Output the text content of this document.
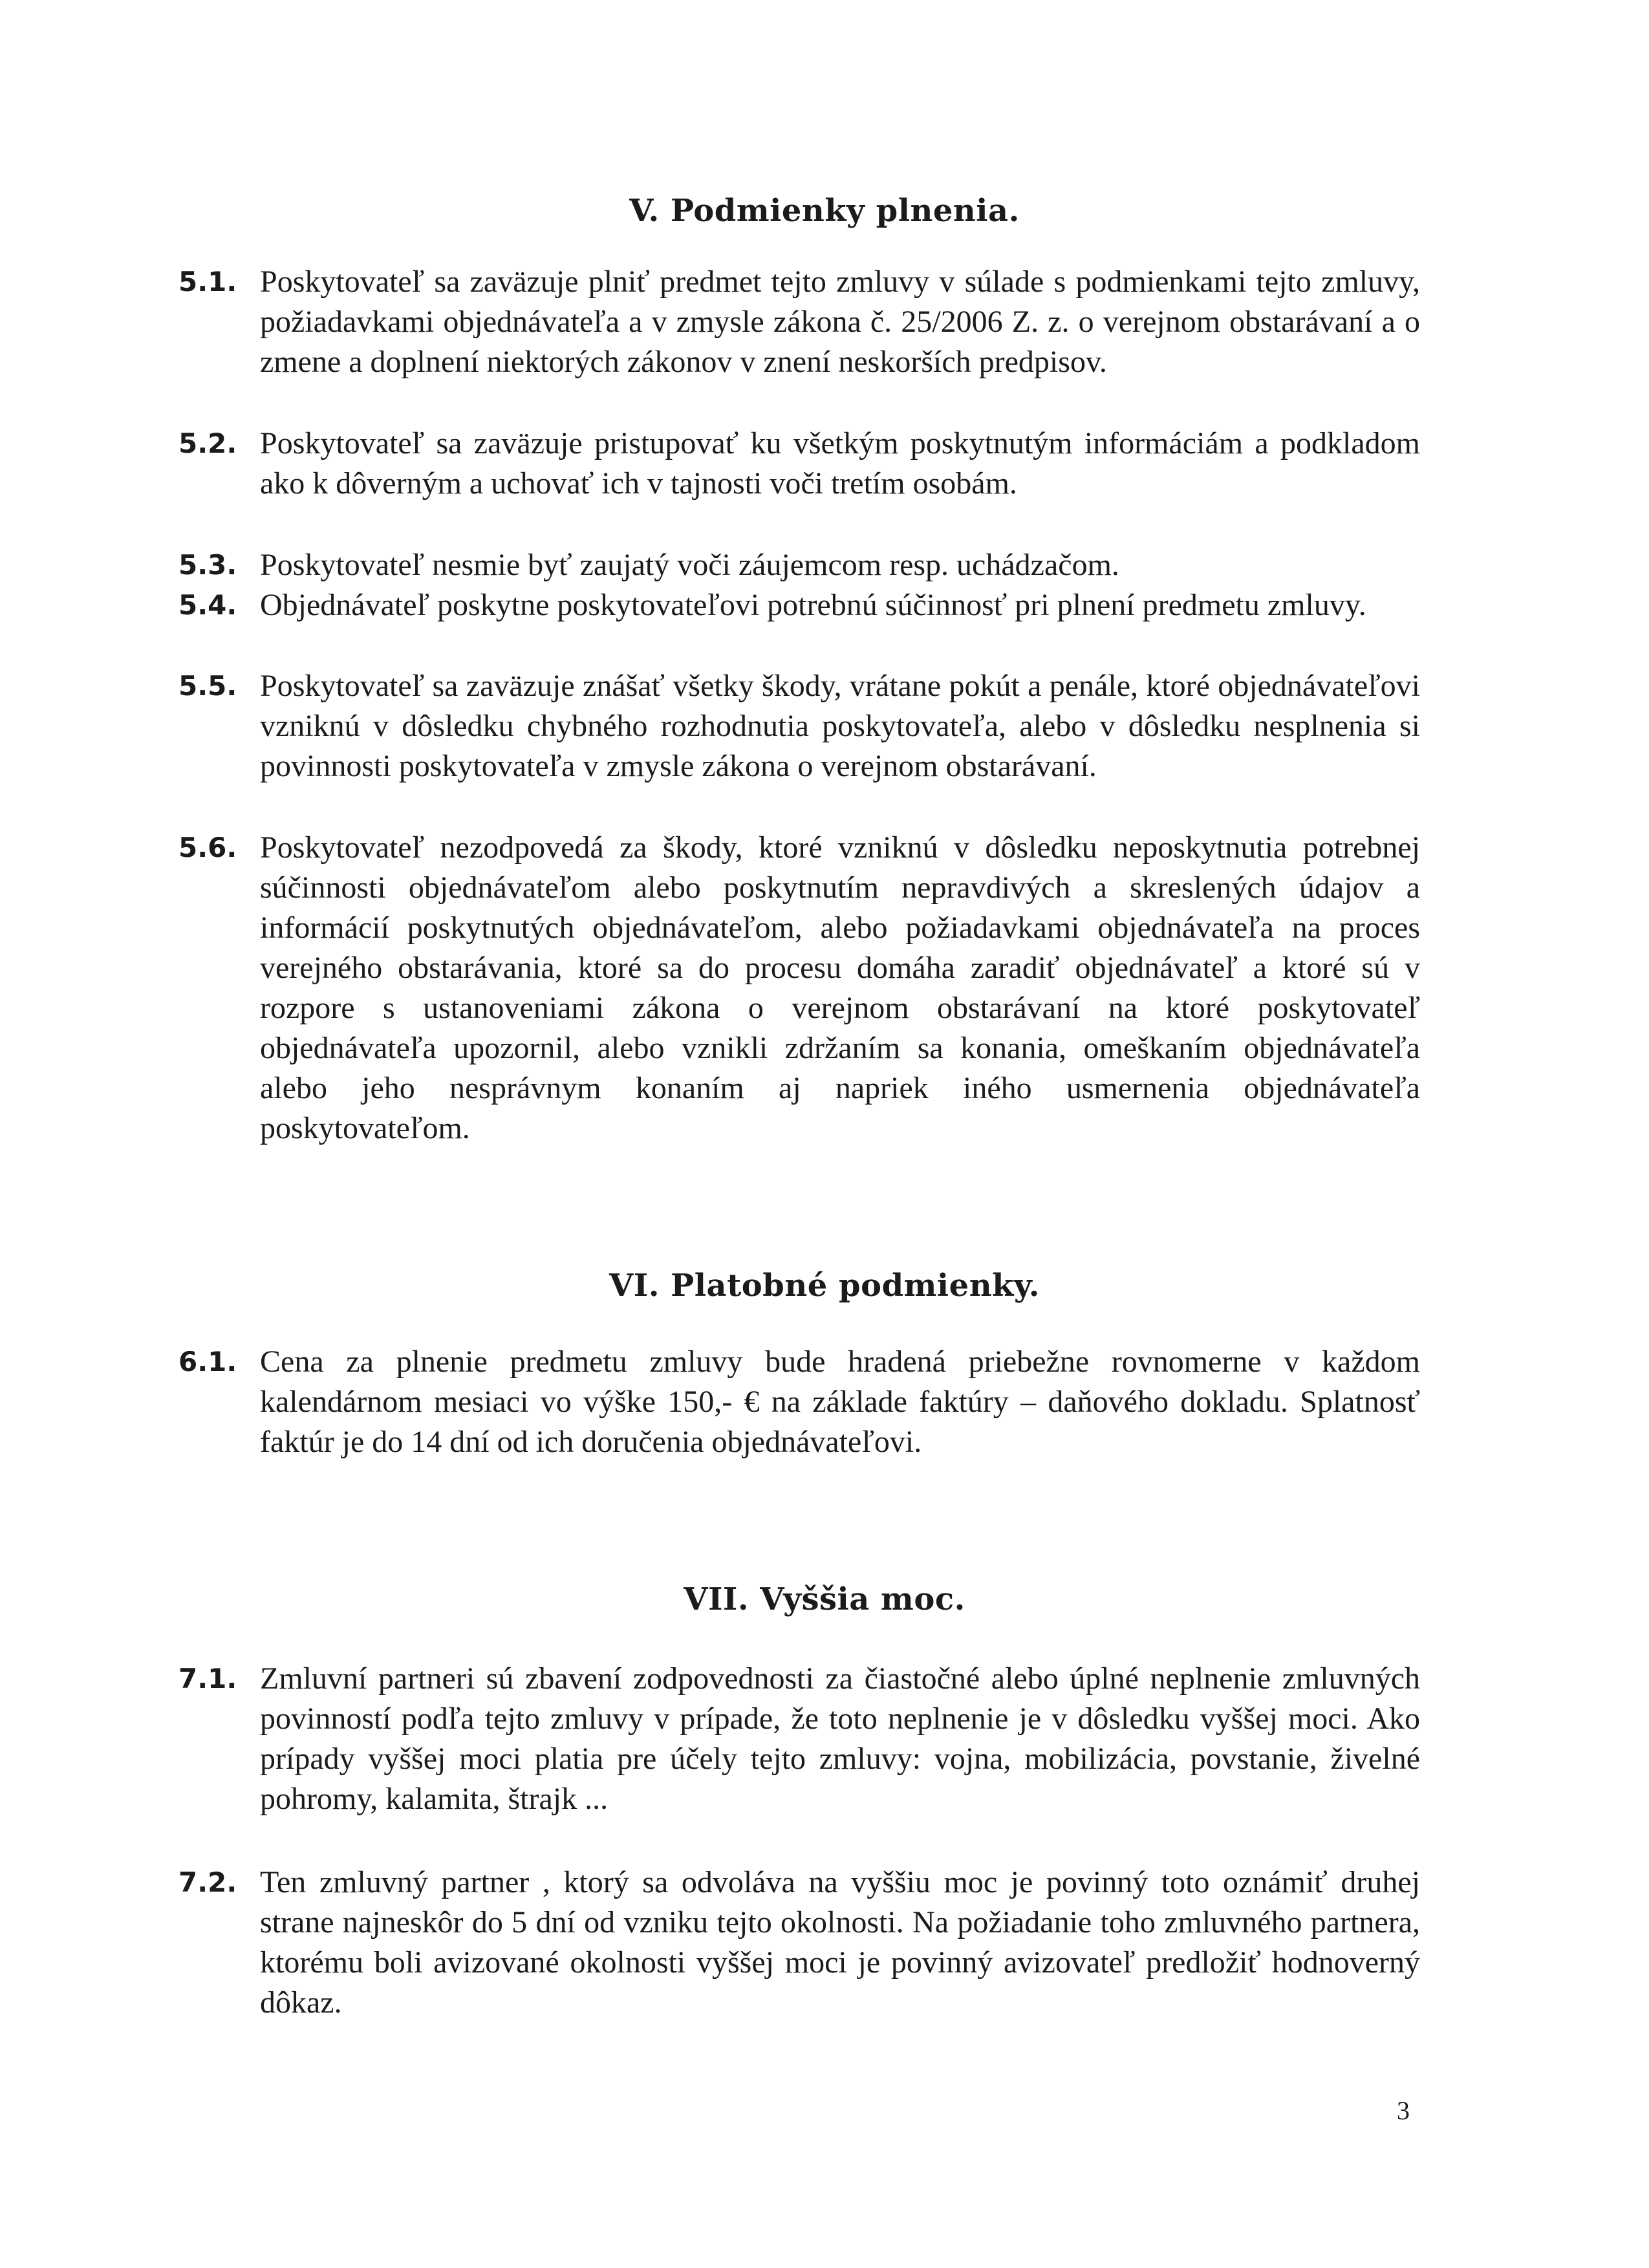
V. Podmienky plnenia.
5.1. Poskytovateľ sa zaväzuje plniť predmet tejto zmluvy v súlade s podmienkami tejto zmluvy, požiadavkami objednávateľa a v zmysle zákona č. 25/2006 Z. z. o verejnom obstarávaní a o zmene a doplnení niektorých zákonov v znení neskorších predpisov.
5.2. Poskytovateľ sa zaväzuje pristupovať ku všetkým poskytnutým informáciám a podkladom ako k dôverným a uchovať ich v tajnosti voči tretím osobám.
5.3. Poskytovateľ nesmie byť zaujatý voči záujemcom resp. uchádzačom.
5.4. Objednávateľ poskytne poskytovateľovi potrebnú súčinnosť pri plnení predmetu zmluvy.
5.5. Poskytovateľ sa zaväzuje znášať všetky škody, vrátane pokút a penále, ktoré objednávateľovi vzniknú v dôsledku chybného rozhodnutia poskytovateľa, alebo v dôsledku nesplnenia si povinnosti poskytovateľa v zmysle zákona o verejnom obstarávaní.
5.6. Poskytovateľ nezodpovedá za škody, ktoré vzniknú v dôsledku neposkytnutia potrebnej súčinnosti objednávateľom alebo poskytnutím nepravdivých a skreslených údajov a informácií poskytnutých objednávateľom, alebo požiadavkami objednávateľa na proces verejného obstarávania, ktoré sa do procesu domáha zaradiť objednávateľ a ktoré sú v rozpore s ustanoveniami zákona o verejnom obstarávaní na ktoré poskytovateľ objednávateľa upozornil, alebo vznikli zdržaním sa konania, omeškaním objednávateľa alebo jeho nesprávnym konaním aj napriek iného usmernenia objednávateľa poskytovateľom.
VI. Platobné podmienky.
6.1. Cena za plnenie predmetu zmluvy bude hradená priebežne rovnomerne v každom kalendárnom mesiaci vo výške 150,- € na základe faktúry – daňového dokladu. Splatnosť faktúr je do 14 dní od ich doručenia objednávateľovi.
VII. Vyššia moc.
7.1. Zmluvní partneri sú zbavení zodpovednosti za čiastočné alebo úplné neplnenie zmluvných povinností podľa tejto zmluvy v prípade, že toto neplnenie je v dôsledku vyššej moci. Ako prípady vyššej moci platia pre účely tejto zmluvy: vojna, mobilizácia, povstanie, živelné pohromy, kalamita, štrajk ...
7.2. Ten zmluvný partner , ktorý sa odvoláva na vyššiu moc je povinný toto oznámiť druhej strane najneskôr do 5 dní od vzniku tejto okolnosti. Na požiadanie toho zmluvného partnera, ktorému boli avizované okolnosti vyššej moci je povinný avizovateľ predložiť hodnoverný dôkaz.
3
